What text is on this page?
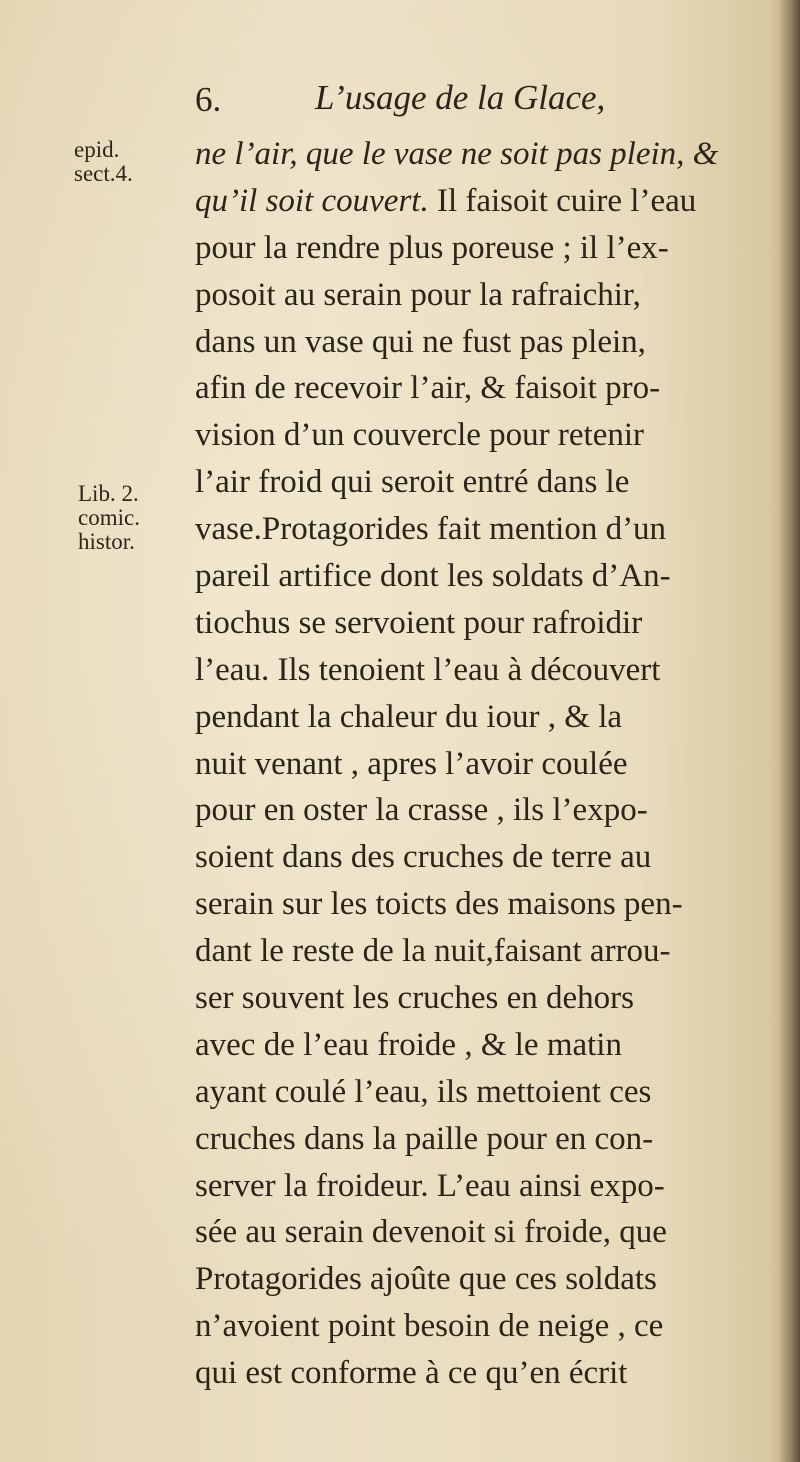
6.	L’usage de la Glace,
epid.
sect.4.
Lib. 2.
comic.
histor.
ne l’air, que le vase ne soit pas plein, &
qu’il soit couvert. Il faisoit cuire l’eau
pour la rendre plus poreuse ; il l’ex-
posoit au serain pour la rafraichir,
dans un vase qui ne fust pas plein,
afin de recevoir l’air, & faisoit pro-
vision d’un couvercle pour retenir
l’air froid qui seroit entré dans le
vase.Protagorides fait mention d’un
pareil artifice dont les soldats d’An-
tiochus se servoient pour rafroidir
l’eau. Ils tenoient l’eau à découvert
pendant la chaleur du iour , & la
nuit venant , apres l’avoir coulée
pour en oster la crasse , ils l’expo-
soient dans des cruches de terre au
serain sur les toicts des maisons pen-
dant le reste de la nuit,faisant arrou-
ser souvent les cruches en dehors
avec de l’eau froide , & le matin
ayant coulé l’eau, ils mettoient ces
cruches dans la paille pour en con-
server la froideur. L’eau ainsi expo-
sée au serain devenoit si froide, que
Protagorides ajoûte que ces soldats
n’avoient point besoin de neige , ce
qui est conforme à ce qu’en écrit
